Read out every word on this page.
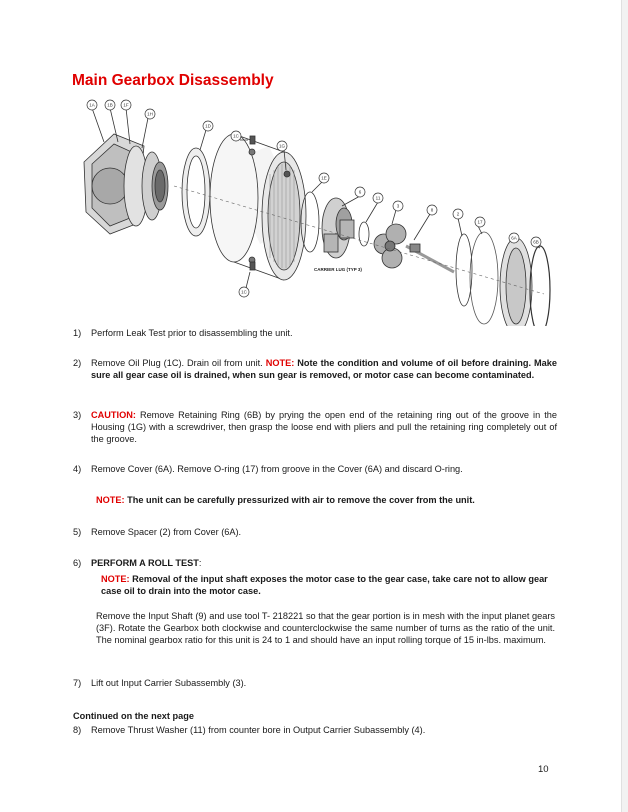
Main Gearbox Disassembly
1A	1B 1F
1H
1D
1C
1G
1E
6
11
3
8
2
17
6A
6B
1C
CARRIER LUG (TYP 3)
1) Perform Leak Test prior to disassembling the unit.
2) Remove Oil Plug (1C). Drain oil from unit. NOTE: Note the condition and volume of oil before draining. Make sure all gear case oil is drained, when sun gear is removed, or motor case can become contaminated.
3) CAUTION: Remove Retaining Ring (6B) by prying the open end of the retaining ring out of the groove in the Housing (1G) with a screwdriver, then grasp the loose end with pliers and pull the retaining ring completely out of the groove.
4) Remove Cover (6A). Remove O-ring (17) from groove in the Cover (6A) and discard O-ring.
NOTE: The unit can be carefully pressurized with air to remove the cover from the unit.
5) Remove Spacer (2) from Cover (6A).
6) PERFORM A ROLL TEST:
NOTE: Removal of the input shaft exposes the motor case to the gear case, take care not to allow gear case oil to drain into the motor case.
Remove the Input Shaft (9) and use tool T- 218221 so that the gear portion is in mesh with the input planet gears (3F). Rotate the Gearbox both clockwise and counterclockwise the same number of turns as the ratio of the unit. The nominal gearbox ratio for this unit is 24 to 1 and should have an input rolling torque of 15 in-lbs. maximum.
7) Lift out Input Carrier Subassembly (3).
Continued on the next page
8) Remove Thrust Washer (11) from counter bore in Output Carrier Subassembly (4).
10
